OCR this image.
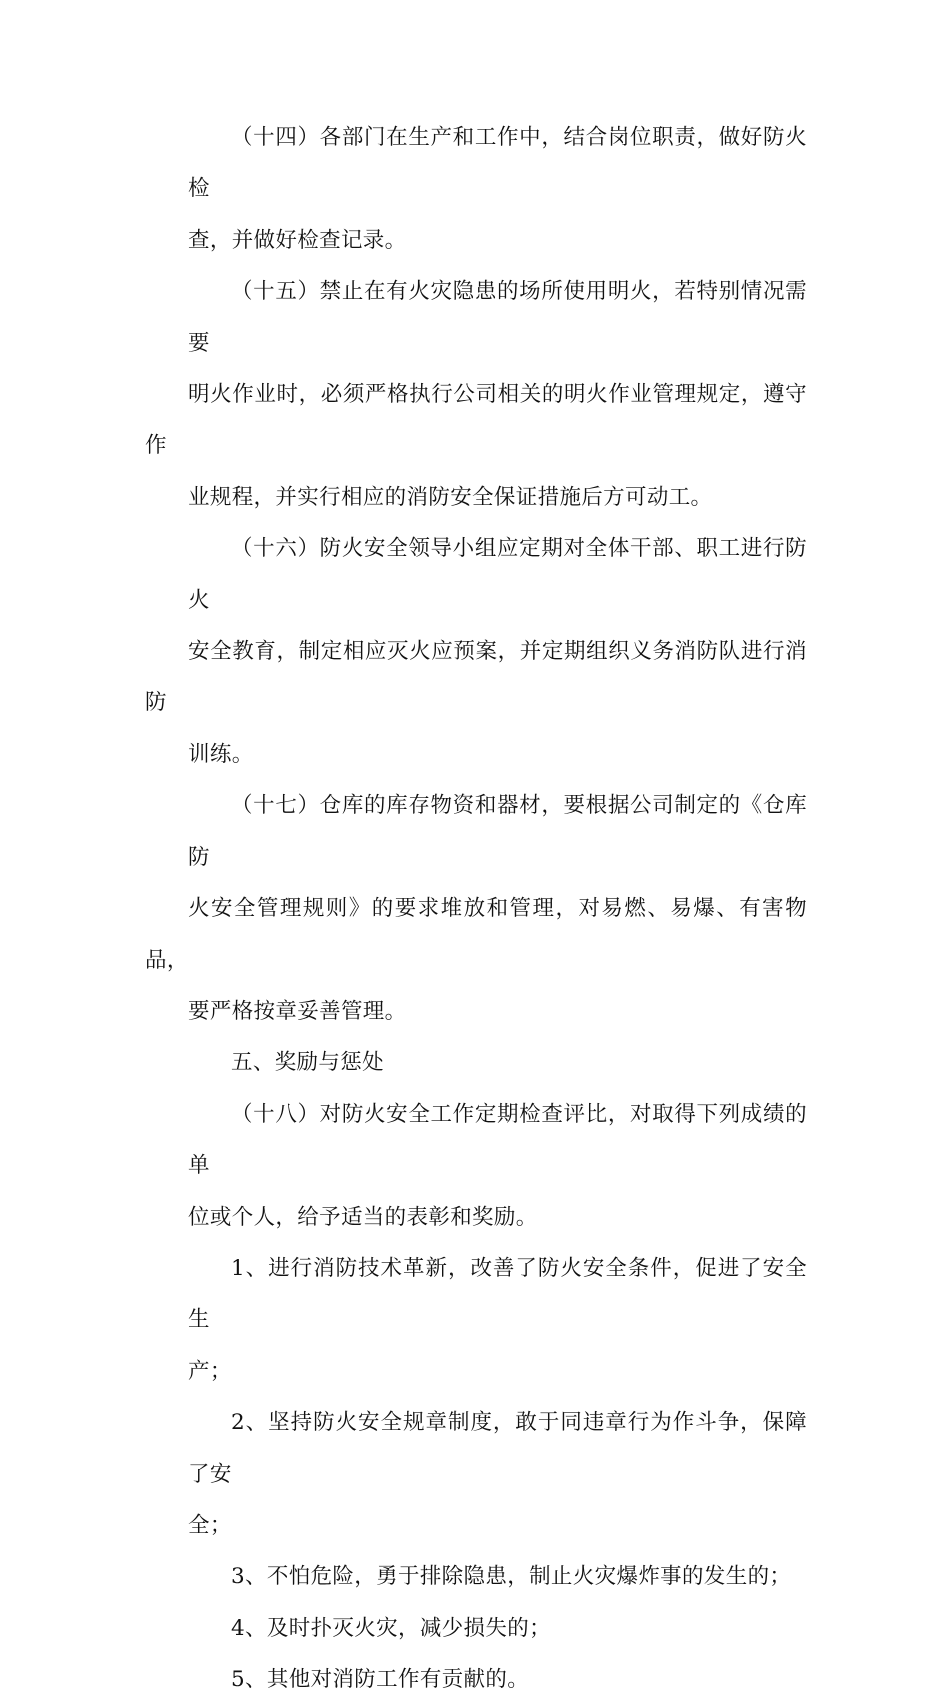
（十四）各部门在生产和工作中，结合岗位职责，做好防火检
查，并做好检查记录。

（十五）禁止在有火灾隐患的场所使用明火，若特别情况需要
明火作业时，必须严格执行公司相关的明火作业管理规定，遵守作
业规程，并实行相应的消防安全保证措施后方可动工。

（十六）防火安全领导小组应定期对全体干部、职工进行防火
安全教育，制定相应灭火应预案，并定期组织义务消防队进行消防
训练。

（十七）仓库的库存物资和器材，要根据公司制定的《仓库防
火安全管理规则》的要求堆放和管理，对易燃、易爆、有害物品，
要严格按章妥善管理。

五、奖励与惩处

（十八）对防火安全工作定期检查评比，对取得下列成绩的单
位或个人，给予适当的表彰和奖励。

1、进行消防技术革新，改善了防火安全条件，促进了安全生
产；

2、坚持防火安全规章制度，敢于同违章行为作斗争，保障了安
全；

3、不怕危险，勇于排除隐患，制止火灾爆炸事的发生的；

4、及时扑灭火灾，减少损失的；

5、其他对消防工作有贡献的。
